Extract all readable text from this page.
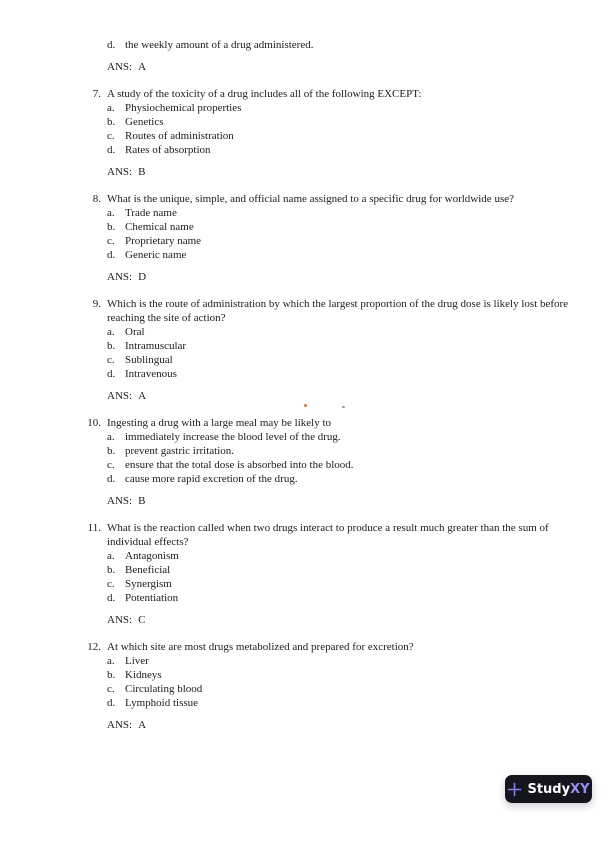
d. the weekly amount of a drug administered.
ANS: A
7. A study of the toxicity of a drug includes all of the following EXCEPT:
a. Physiochemical properties
b. Genetics
c. Routes of administration
d. Rates of absorption
ANS: B
8. What is the unique, simple, and official name assigned to a specific drug for worldwide use?
a. Trade name
b. Chemical name
c. Proprietary name
d. Generic name
ANS: D
9. Which is the route of administration by which the largest proportion of the drug dose is likely lost before reaching the site of action?
a. Oral
b. Intramuscular
c. Sublingual
d. Intravenous
ANS: A
10. Ingesting a drug with a large meal may be likely to
a. immediately increase the blood level of the drug.
b. prevent gastric irritation.
c. ensure that the total dose is absorbed into the blood.
d. cause more rapid excretion of the drug.
ANS: B
11. What is the reaction called when two drugs interact to produce a result much greater than the sum of individual effects?
a. Antagonism
b. Beneficial
c. Synergism
d. Potentiation
ANS: C
12. At which site are most drugs metabolized and prepared for excretion?
a. Liver
b. Kidneys
c. Circulating blood
d. Lymphoid tissue
ANS: A
StudyXY
